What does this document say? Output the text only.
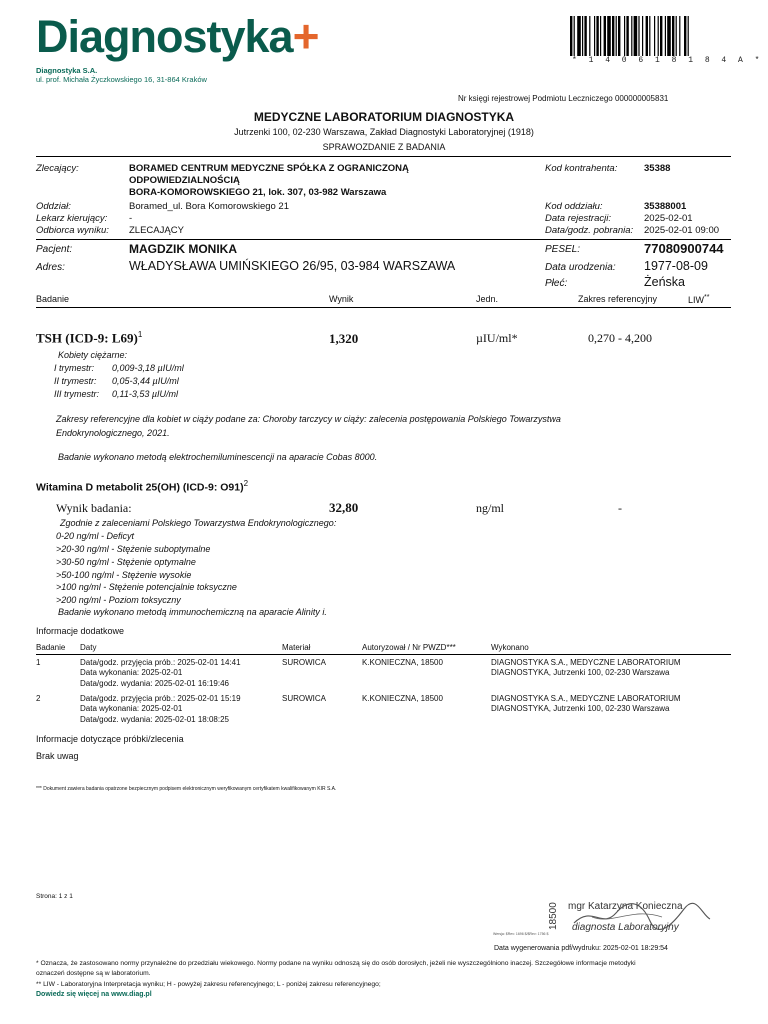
Diagnostyka+
Diagnostyka S.A.
ul. prof. Michała Życzkowskiego 16, 31-864 Kraków
* 1 4 0 6 1 8 1 8 4 A *
Nr księgi rejestrowej Podmiotu Leczniczego 000000005831
MEDYCZNE LABORATORIUM DIAGNOSTYKA
Jutrzenki 100, 02-230 Warszawa, Zakład Diagnostyki Laboratoryjnej (1918)
SPRAWOZDANIE Z BADANIA
Zlecający:	BORAMED CENTRUM MEDYCZNE SPÓŁKA Z OGRANICZONĄ
ODPOWIEDZIALNOŚCIĄ
BORA-KOMOROWSKIEGO 21, lok. 307, 03-982 Warszawa
Kod kontrahenta:	35388
Oddział:	Boramed_ul. Bora Komorowskiego 21	Kod oddziału:	35388001
Lekarz kierujący: -	Data rejestracji:	2025-02-01
Odbiorca wyniku: ZLECAJĄCY	Data/godz. pobrania: 2025-02-01 09:00
Pacjent:	MAGDZIK MONIKA	PESEL:	77080900744
Adres:	WŁADYSŁAWA UMIŃSKIEGO 26/95, 03-984 WARSZAWA	Data urodzenia: 1977-08-09
Płeć:	Żeńska
Badanie	Wynik	Jedn.	Zakres referencyjny	LIW**
TSH (ICD-9: L69)$^1$	1,320	µIU/ml*	0,270 - 4,200
Kobiety ciężarne:
I trymestr: 0,009-3,18 µIU/ml
II trymestr: 0,05-3,44 µIU/ml
III trymestr: 0,11-3,53 µIU/ml
Zakresy referencyjne dla kobiet w ciąży podane za: Choroby tarczycy w ciąży: zalecenia postępowania Polskiego Towarzystwa
Endokrynologicznego, 2021.
Badanie wykonano metodą elektrochemiluminescencji na aparacie Cobas 8000.
Witamina D metabolit 25(OH) (ICD-9: O91)$^2$
Wynik badania:	32,80	ng/ml	-
Zgodnie z zaleceniami Polskiego Towarzystwa Endokrynologicznego:
0-20 ng/ml - Deficyt
>20-30 ng/ml - Stężenie suboptymalne
>30-50 ng/ml - Stężenie optymalne
>50-100 ng/ml - Stężenie wysokie
>100 ng/ml - Stężenie potencjalnie toksyczne
>200 ng/ml - Poziom toksyczny
Badanie wykonano metodą immunochemiczną na aparacie Alinity i.
Informacje dodatkowe
Badanie Daty	Materiał	Autoryzował / Nr PWZD***	Wykonano
1	Data/godz. przyjęcia prób.: 2025-02-01 14:41
Data wykonania: 2025-02-01
Data/godz. wydania: 2025-02-01 16:19:46
SUROWICA	K.KONIECZNA, 18500	DIAGNOSTYKA S.A., MEDYCZNE LABORATORIUM
DIAGNOSTYKA, Jutrzenki 100, 02-230 Warszawa
2	Data/godz. przyjęcia prób.: 2025-02-01 15:19
Data wykonania: 2025-02-01
Data/godz. wydania: 2025-02-01 18:08:25
SUROWICA	K.KONIECZNA, 18500	DIAGNOSTYKA S.A., MEDYCZNE LABORATORIUM
DIAGNOSTYKA, Jutrzenki 100, 02-230 Warszawa
Informacje dotyczące próbki/zlecenia
Brak uwag
*** Dokument zawiera badania opatrzone bezpiecznym podpisem elektronicznym weryfikowanym certyfikatem kwalifikowanym KIR S.A.
Strona: 1 z 1
18500 mgr Katarzyna Konieczna
diagnosta Laboratoryjny
Wersja: $Rev: 1696 $/$Rev: 1756 $
Data wygenerowania pdf/wydruku: 2025-02-01 18:29:54
* Oznacza, że zastosowano normy przynależne do przedziału wiekowego. Normy podane na wyniku odnoszą się do osób dorosłych, jeżeli nie wyszczególniono inaczej. Szczegółowe informacje metodyki
oznaczeń dostępne są w laboratorium.
** LIW - Laboratoryjna Interpretacja wyniku; H - powyżej zakresu referencyjnego; L - poniżej zakresu referencyjnego;
Dowiedz się więcej na www.diag.pl
